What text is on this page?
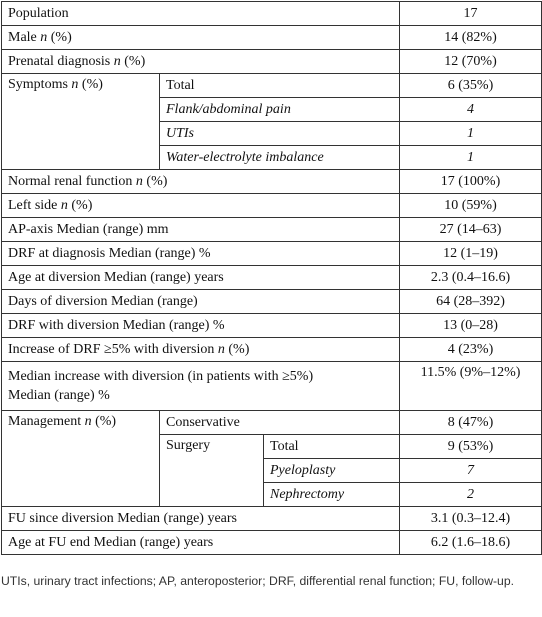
Population			17
Male n (%)			14 (82%)
Prenatal diagnosis n (%)			12 (70%)
Symptoms n (%)	Total		6 (35%)
	Flank/abdominal pain		4
	UTIs		1
	Water-electrolyte imbalance		1
Normal renal function n (%)			17 (100%)
Left side n (%)			10 (59%)
AP-axis Median (range) mm			27 (14–63)
DRF at diagnosis Median (range) %			12 (1–19)
Age at diversion Median (range) years			2.3 (0.4–16.6)
Days of diversion Median (range)			64 (28–392)
DRF with diversion Median (range) %			13 (0–28)
Increase of DRF ≥5% with diversion n (%)			4 (23%)
Median increase with diversion (in patients with ≥5%)
Median (range) %			11.5% (9%–12%)
Management n (%)	Conservative		8 (47%)
	Surgery	Total	9 (53%)
		Pyeloplasty	7
		Nephrectomy	2
FU since diversion Median (range) years			3.1 (0.3–12.4)
Age at FU end Median (range) years			6.2 (1.6–18.6)

UTIs, urinary tract infections; AP, anteroposterior; DRF, differential renal function; FU, follow-up.
